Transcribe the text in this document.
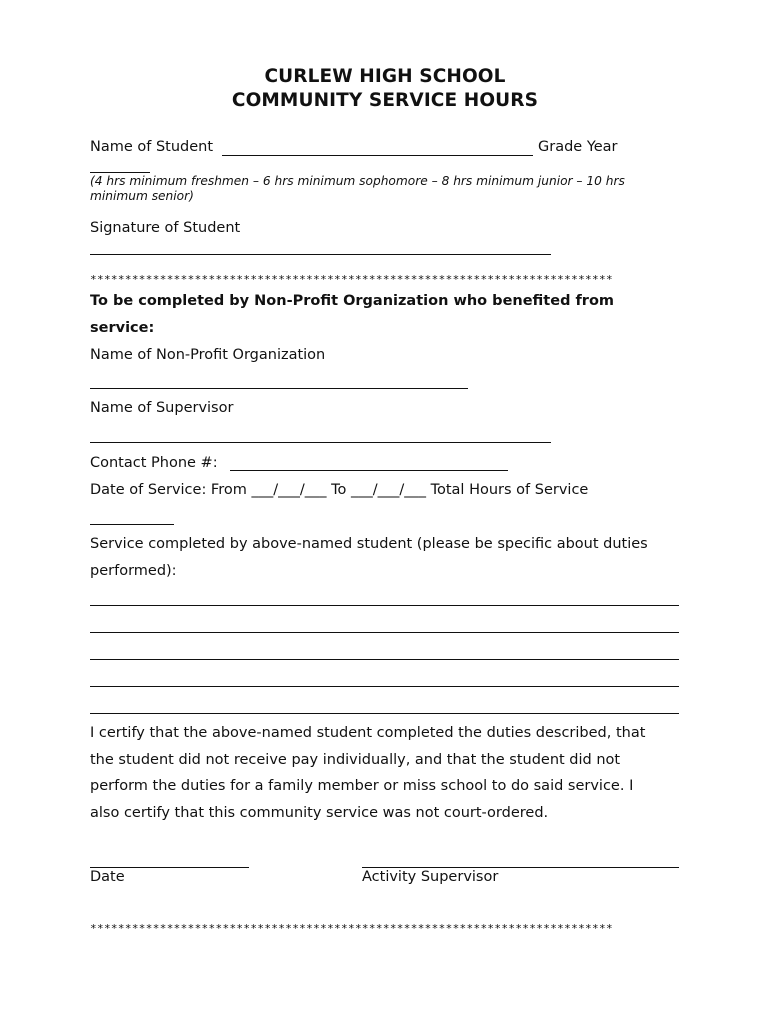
CURLEW HIGH SCHOOL
COMMUNITY SERVICE HOURS
Name of Student	Grade Year
(4 hrs minimum freshmen – 6 hrs minimum sophomore – 8 hrs minimum junior – 10 hrs
minimum senior)
Signature of Student
***************************************************************************
To be completed by Non-Profit Organization who benefited from
service:
Name of Non-Profit Organization
Name of Supervisor
Contact Phone #:
Date of Service: From ___/___/___ To ___/___/___ Total Hours of Service
Service completed by above-named student (please be specific about duties
performed):
I certify that the above-named student completed the duties described, that
the student did not receive pay individually, and that the student did not
perform the duties for a family member or miss school to do said service. I
also certify that this community service was not court-ordered.
Date	Activity Supervisor
***************************************************************************
